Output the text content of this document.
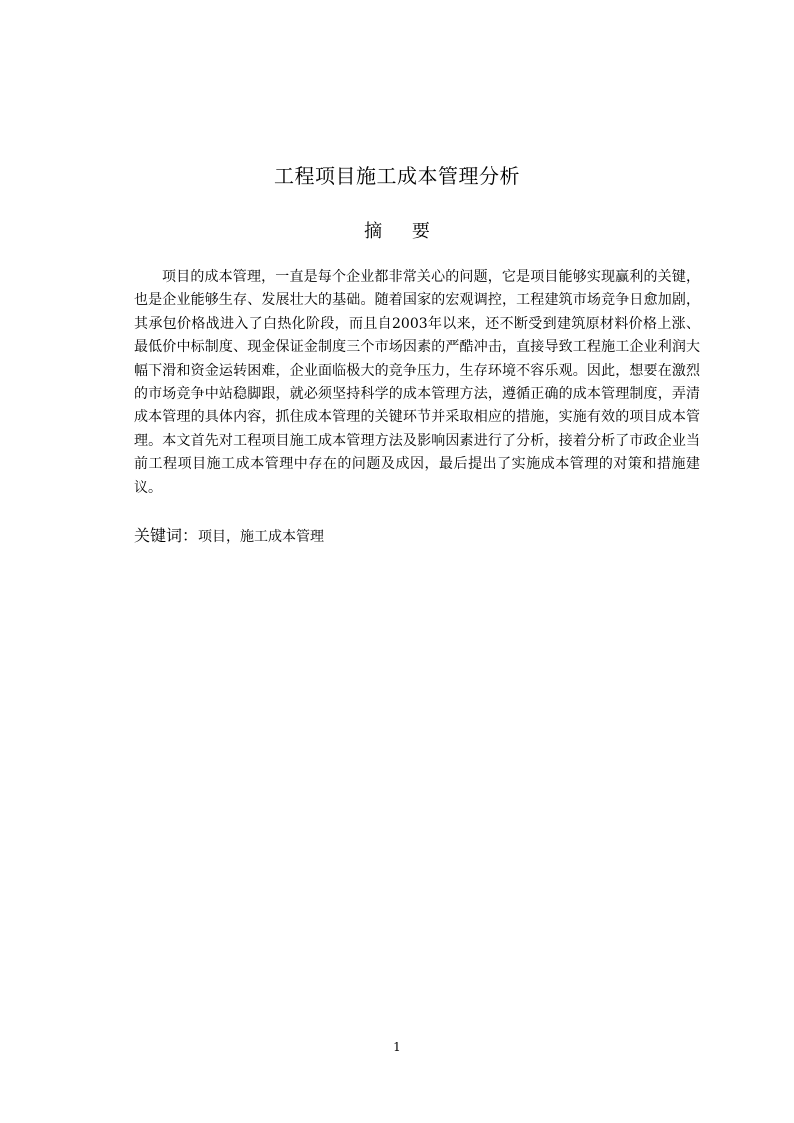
工程项目施工成本管理分析
摘 要

项目的成本管理，一直是每个企业都非常关心的问题，它是项目能够实现赢利的关键，也是企业能够生存、发展壮大的基础。随着国家的宏观调控，工程建筑市场竞争日愈加剧，其承包价格战进入了白热化阶段，而且自2003年以来，还不断受到建筑原材料价格上涨、最低价中标制度、现金保证金制度三个市场因素的严酷冲击，直接导致工程施工企业利润大幅下滑和资金运转困难，企业面临极大的竞争压力，生存环境不容乐观。因此，想要在激烈的市场竞争中站稳脚跟，就必须坚持科学的成本管理方法，遵循正确的成本管理制度，弄清成本管理的具体内容，抓住成本管理的关键环节并采取相应的措施，实施有效的项目成本管理。本文首先对工程项目施工成本管理方法及影响因素进行了分析，接着分析了市政企业当前工程项目施工成本管理中存在的问题及成因，最后提出了实施成本管理的对策和措施建议。

关键词：项目，施工成本管理
1
